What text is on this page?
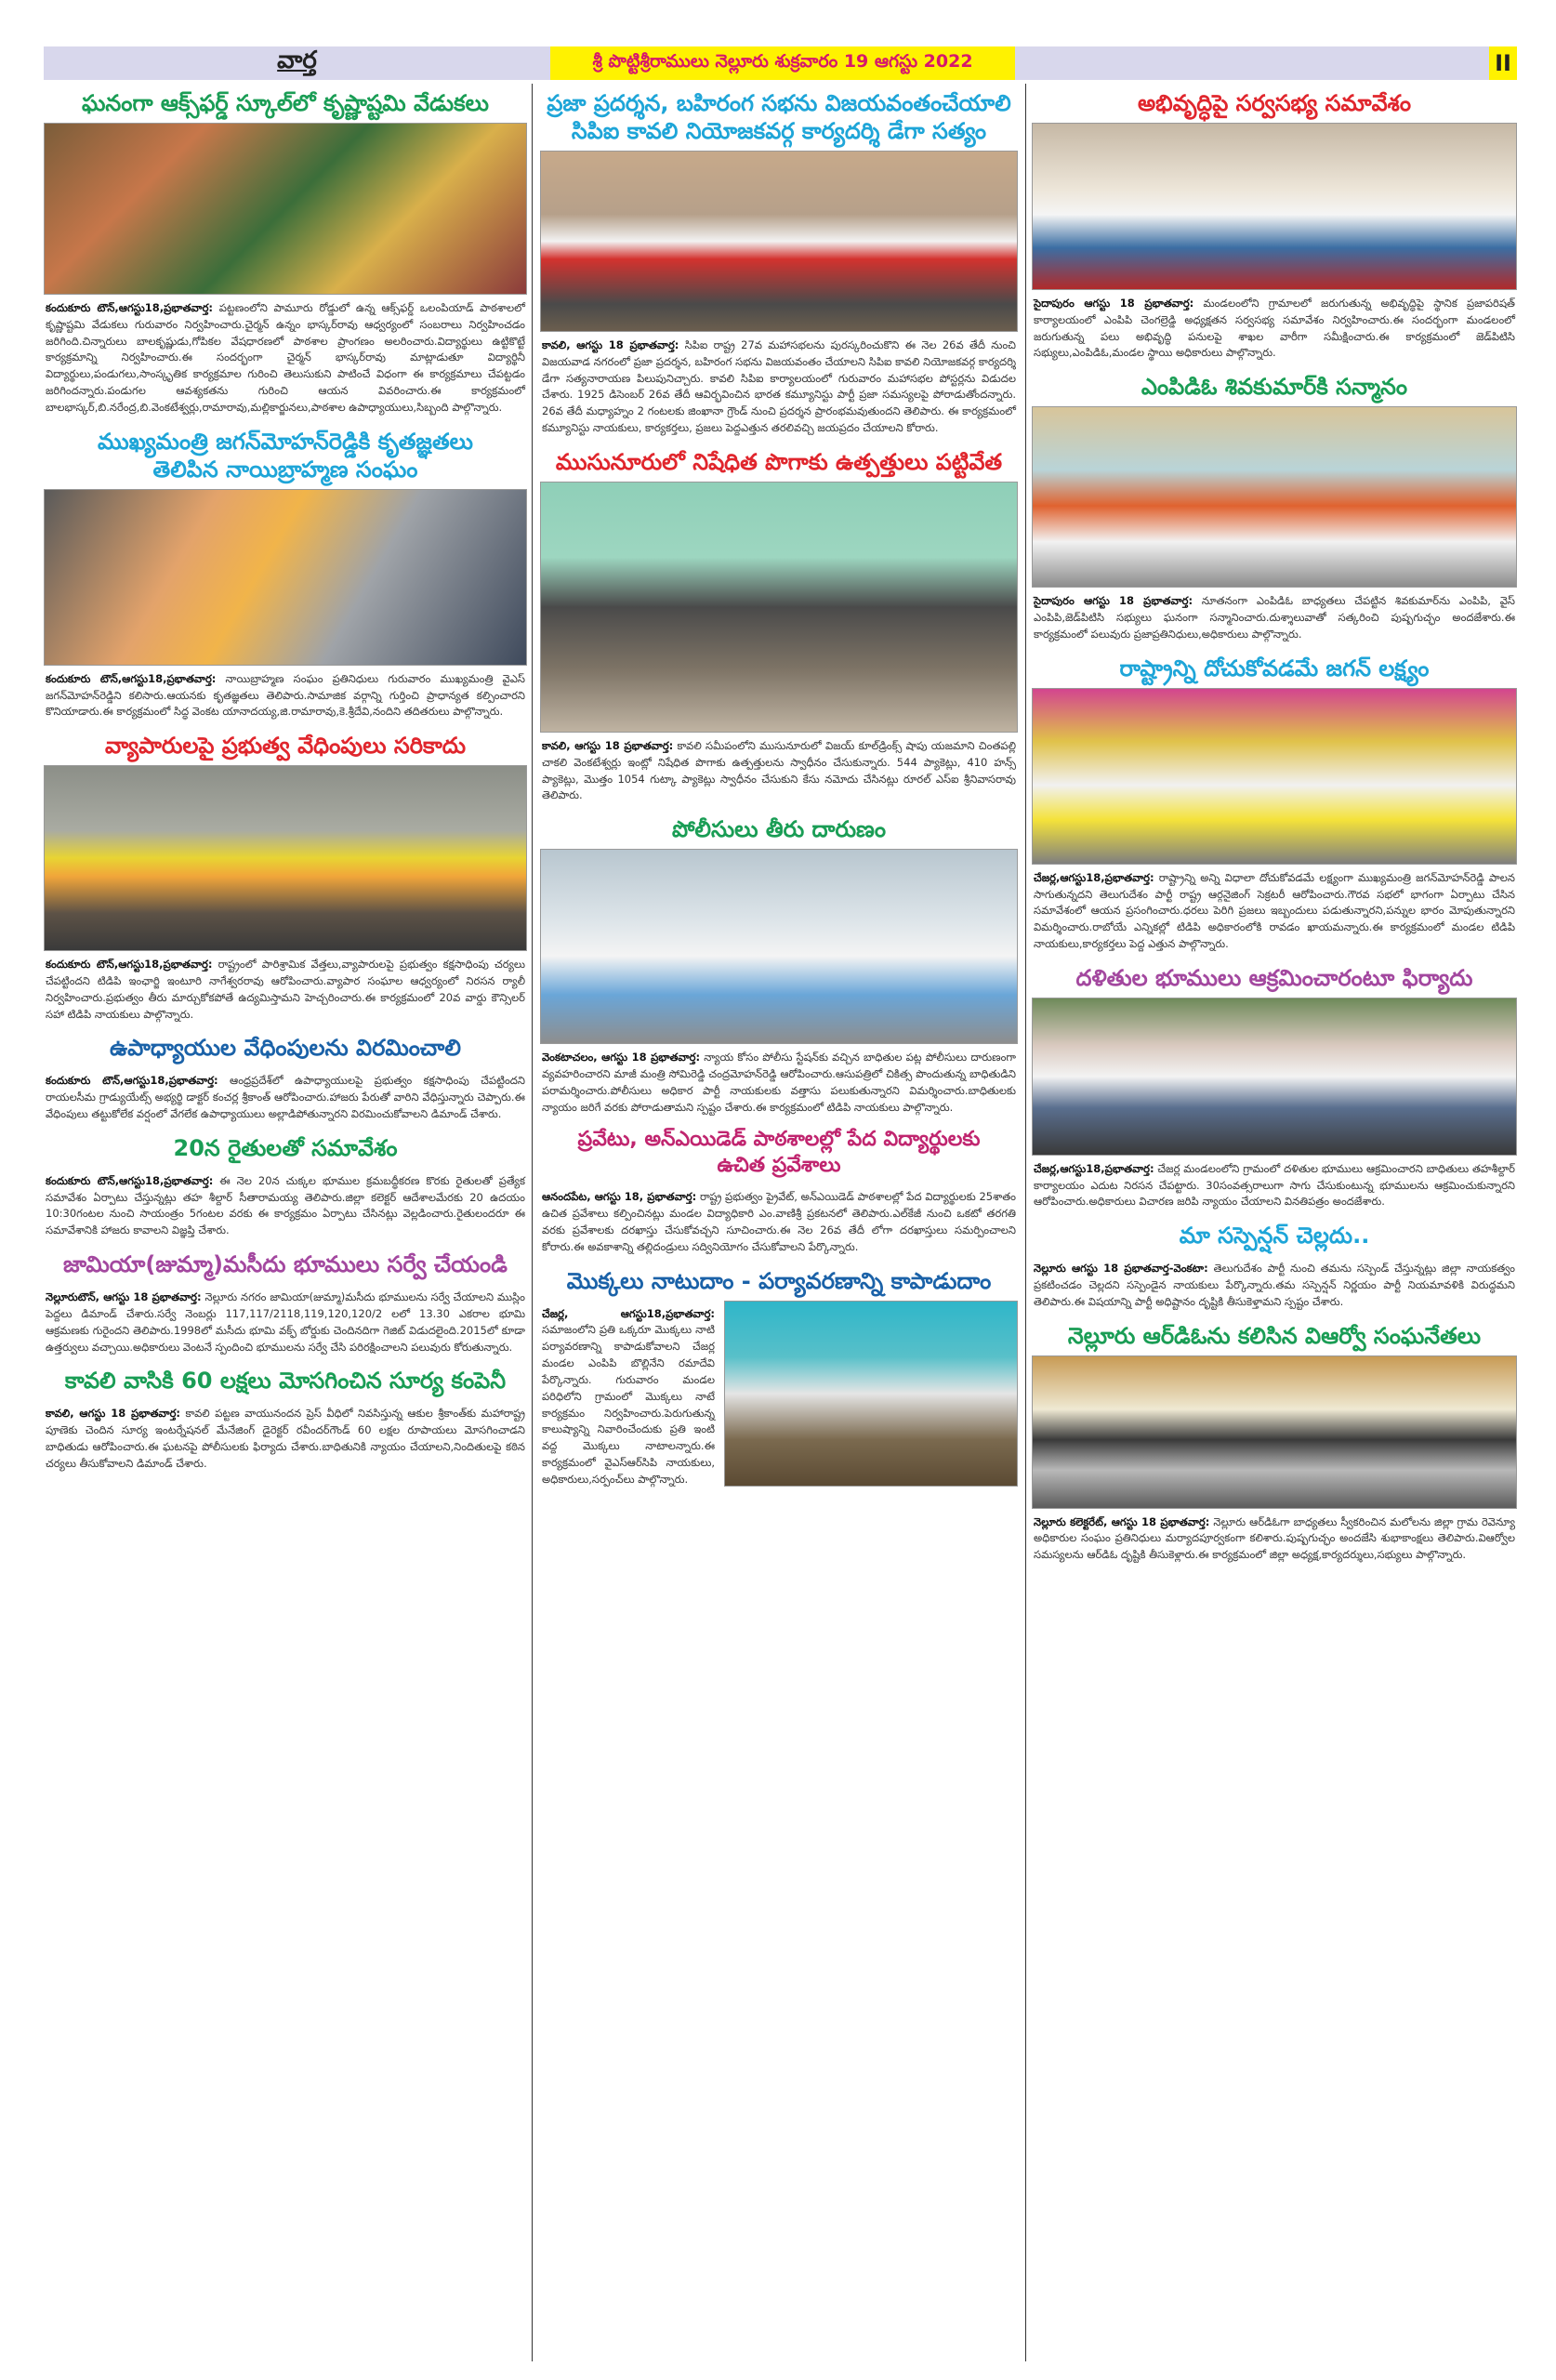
వార్త	శ్రీ పొట్టిశ్రీరాములు నెల్లూరు శుక్రవారం 19 ఆగస్టు 2022	II
ఘనంగా ఆక్స్‌ఫర్డ్ స్కూల్‌లో కృష్ణాష్టమి వేడుకలు

కందుకూరు టౌన్,ఆగస్టు18,ప్రభాతవార్త: పట్టణంలోని పామూరు రోడ్డులో ఉన్న ఆక్స్‌ఫర్డ్ ఒలంపియాడ్ పాఠశాలలో కృష్ణాష్టమి వేడుకలు గురువారం నిర్వహించారు.చైర్మన్ ఉన్నం భాస్కర్‌రావు ఆధ్వర్యంలో సంబరాలు నిర్వహించడం జరిగింది.చిన్నారులు బాలకృష్ణుడు,గోపికల వేషధారణలో పాఠశాల ప్రాంగణం అలరించారు.విద్యార్థులు ఉట్టికొట్టే కార్యక్రమాన్ని నిర్వహించారు.ఈ సందర్భంగా చైర్మన్ భాస్కర్‌రావు మాట్లాడుతూ విద్యార్థినీ విద్యార్థులు,పండుగలు,సాంస్కృతిక కార్యక్రమాల గురించి తెలుసుకుని పాటించే విధంగా ఈ కార్యక్రమాలు చేపట్టడం జరిగిందన్నారు.పండుగల ఆవశ్యకతను గురించి ఆయన వివరించారు.ఈ కార్యక్రమంలో బాలభాస్కర్,బి.నరేంద్ర,బి.వెంకటేశ్వర్లు,రామారావు,మల్లికార్జునలు,పాఠశాల ఉపాధ్యాయులు,సిబ్బంది పాల్గొన్నారు.

ముఖ్యమంత్రి జగన్‌మోహన్‌రెడ్డికి కృతజ్ఞతలు
తెలిపిన నాయిబ్రాహ్మణ సంఘం

కందుకూరు టౌన్,ఆగస్టు18,ప్రభాతవార్త: నాయిబ్రాహ్మణ సంఘం ప్రతినిధులు గురువారం ముఖ్యమంత్రి వైఎస్ జగన్‌మోహన్‌రెడ్డిని కలిసారు.ఆయనకు కృతజ్ఞతలు తెలిపారు.సామాజిక వర్గాన్ని గుర్తించి ప్రాధాన్యత కల్పించారని కొనియాడారు.ఈ కార్యక్రమంలో సిద్ధ వెంకట యానాదయ్య,జి.రామారావు,కె.శ్రీదేవి,నందిని తదితరులు పాల్గొన్నారు.

వ్యాపారులపై ప్రభుత్వ వేధింపులు సరికాదు

కందుకూరు టౌన్,ఆగస్టు18,ప్రభాతవార్త: రాష్ట్రంలో పారిశ్రామిక వేత్తలు,వ్యాపారులపై ప్రభుత్వం కక్షసాధింపు చర్యలు చేపట్టిందని టిడిపి ఇంఛార్జి ఇంటూరి నాగేశ్వరరావు ఆరోపించారు.వ్యాపార సంఘాల ఆధ్వర్యంలో నిరసన ర్యాలీ నిర్వహించారు.ప్రభుత్వం తీరు మార్చుకోకపోతే ఉద్యమిస్తామని హెచ్చరించారు.ఈ కార్యక్రమంలో 20వ వార్డు కౌన్సిలర్ సహా టిడిపి నాయకులు పాల్గొన్నారు.

ఉపాధ్యాయుల వేధింపులను విరమించాలి

కందుకూరు టౌన్,ఆగస్టు18,ప్రభాతవార్త: ఆంధ్రప్రదేశ్‌లో ఉపాధ్యాయులపై ప్రభుత్వం కక్షసాధింపు చేపట్టిందని రాయలసీమ గ్రాడ్యుయేట్స్ అభ్యర్థి డాక్టర్ కంచర్ల శ్రీకాంత్ ఆరోపించారు.హాజరు పేరుతో వారిని వేధిస్తున్నారు చెప్పారు.ఈ వేధింపులు తట్టుకోలేక వర్షంలో వేగలేక ఉపాధ్యాయులు అల్లాడిపోతున్నారని విరమించుకోవాలని డిమాండ్ చేశారు.

20న రైతులతో సమావేశం

కందుకూరు టౌన్,ఆగస్టు18,ప్రభాతవార్త: ఈ నెల 20న చుక్కల భూముల క్రమబద్ధీకరణ కొరకు రైతులతో ప్రత్యేక సమావేశం ఏర్పాటు చేస్తున్నట్లు తహ శీల్దార్ సీతారామయ్య తెలిపారు.జిల్లా కలెక్టర్ ఆదేశాలమేరకు 20 ఉదయం 10:30గంటల నుంచి సాయంత్రం 5గంటల వరకు ఈ కార్యక్రమం ఏర్పాటు చేసినట్లు వెల్లడించారు.రైతులందరూ ఈ సమావేశానికి హాజరు కావాలని విజ్ఞప్తి చేశారు.

జామియా(జుమ్మా)మసీదు భూములు సర్వే చేయండి

నెల్లూరుటౌన్, ఆగస్టు 18 ప్రభాతవార్త: నెల్లూరు నగరం జామియా(జుమ్మా)మసీదు భూములను సర్వే చేయాలని ముస్లిం పెద్దలు డిమాండ్ చేశారు.సర్వే నెంబర్లు 117,117/2118,119,120,120/2 లలో 13.30 ఎకరాల భూమి ఆక్రమణకు గురైందని తెలిపారు.1998లో మసీదు భూమి వక్ఫ్ బోర్డుకు చెందినదిగా గెజిట్ విడుదలైంది.2015లో కూడా ఉత్తర్వులు వచ్చాయి.అధికారులు వెంటనే స్పందించి భూములను సర్వే చేసి పరిరక్షించాలని పలువురు కోరుతున్నారు.

కావలి వాసికి 60 లక్షలు మోసగించిన సూర్య కంపెనీ

కావలి, ఆగస్టు 18 ప్రభాతవార్త: కావలి పట్టణ వాయునందన ప్రెస్ వీధిలో నివసిస్తున్న ఆకుల శ్రీకాంత్‌కు మహారాష్ట్ర పూణెకు చెందిన సూర్య ఇంటర్నేషనల్ మేనేజింగ్ డైరెక్టర్ రవీందర్‌గౌండ్ 60 లక్షల రూపాయలు మోసగించాడని బాధితుడు ఆరోపించారు.ఈ ఘటనపై పోలీసులకు ఫిర్యాదు చేశారు.బాధితునికి న్యాయం చేయాలని,నిందితులపై కఠిన చర్యలు తీసుకోవాలని డిమాండ్ చేశారు.

ప్రజా ప్రదర్శన, బహిరంగ సభను విజయవంతంచేయాలి
సిపిఐ కావలి నియోజకవర్గ కార్యదర్శి డేగా సత్యం

కావలి, ఆగస్టు 18 ప్రభాతవార్త: సిపిఐ రాష్ట్ర 27వ మహాసభలను పురస్కరించుకొని ఈ నెల 26వ తేదీ నుంచి విజయవాడ నగరంలో ప్రజా ప్రదర్శన, బహిరంగ సభను విజయవంతం చేయాలని సిపిఐ కావలి నియోజకవర్గ కార్యదర్శి డేగా సత్యనారాయణ పిలుపునిచ్చారు. కావలి సిపిఐ కార్యాలయంలో గురువారం మహాసభల పోస్టర్లను విడుదల చేశారు. 1925 డిసెంబర్ 26వ తేదీ ఆవిర్భవించిన భారత కమ్యూనిస్టు పార్టీ ప్రజా సమస్యలపై పోరాడుతోందన్నారు. 26వ తేదీ మధ్యాహ్నం 2 గంటలకు జింఖానా గ్రౌండ్ నుంచి ప్రదర్శన ప్రారంభమవుతుందని తెలిపారు. ఈ కార్యక్రమంలో కమ్యూనిస్టు నాయకులు, కార్యకర్తలు, ప్రజలు పెద్దఎత్తున తరలివచ్చి జయప్రదం చేయాలని కోరారు.

ముసునూరులో నిషేధిత పొగాకు ఉత్పత్తులు పట్టివేత

కావలి, ఆగస్టు 18 ప్రభాతవార్త: కావలి సమీపంలోని ముసునూరులో విజయ్ కూల్‌డ్రింక్స్ షాపు యజమాని చింతపల్లి చాకలి వెంకటేశ్వర్లు ఇంట్లో నిషేధిత పొగాకు ఉత్పత్తులను స్వాధీనం చేసుకున్నారు. 544 ప్యాకెట్లు, 410 హన్స్ ప్యాకెట్లు, మొత్తం 1054 గుట్కా ప్యాకెట్లు స్వాధీనం చేసుకుని కేసు నమోదు చేసినట్లు రూరల్ ఎస్ఐ శ్రీనివాసరావు తెలిపారు.

పోలీసులు తీరు దారుణం

వెంకటాచలం, ఆగస్టు 18 ప్రభాతవార్త: న్యాయ కోసం పోలీసు స్టేషన్‌కు వచ్చిన బాధితుల పట్ల పోలీసులు దారుణంగా వ్యవహరించారని మాజీ మంత్రి సోమిరెడ్డి చంద్రమోహన్‌రెడ్డి ఆరోపించారు.ఆసుపత్రిలో చికిత్స పొందుతున్న బాధితుడిని పరామర్శించారు.పోలీసులు అధికార పార్టీ నాయకులకు వత్తాసు పలుకుతున్నారని విమర్శించారు.బాధితులకు న్యాయం జరిగే వరకు పోరాడుతామని స్పష్టం చేశారు.ఈ కార్యక్రమంలో టిడిపి నాయకులు పాల్గొన్నారు.

ప్రవేటు, అన్‌ఎయిడెడ్ పాఠశాలల్లో పేద విద్యార్థులకు
ఉచిత ప్రవేశాలు

ఆనందపేట, ఆగస్టు 18, ప్రభాతవార్త: రాష్ట్ర ప్రభుత్వం ప్రైవేట్, అన్‌ఎయిడెడ్ పాఠశాలల్లో పేద విద్యార్థులకు 25శాతం ఉచిత ప్రవేశాలు కల్పించినట్లు మండల విద్యాధికారి ఎం.వాణిశ్రీ ప్రకటనలో తెలిపారు.ఎల్‌కేజీ నుంచి ఒకటో తరగతి వరకు ప్రవేశాలకు దరఖాస్తు చేసుకోవచ్చని సూచించారు.ఈ నెల 26వ తేదీ లోగా దరఖాస్తులు సమర్పించాలని కోరారు.ఈ అవకాశాన్ని తల్లిదండ్రులు సద్వినియోగం చేసుకోవాలని పేర్కొన్నారు.

మొక్కలు నాటుదాం - పర్యావరణాన్ని కాపాడుదాం

చేజర్ల, ఆగస్టు18,ప్రభాతవార్త: సమాజంలోని ప్రతి ఒక్కరూ మొక్కలు నాటి పర్యావరణాన్ని కాపాడుకోవాలని చేజర్ల మండల ఎంపిపి బొల్లినేని రమాదేవి పేర్కొన్నారు. గురువారం మండల పరిధిలోని గ్రామంలో మొక్కలు నాటే కార్యక్రమం నిర్వహించారు.పెరుగుతున్న కాలుష్యాన్ని నివారించేందుకు ప్రతి ఇంటి వద్ద మొక్కలు నాటాలన్నారు.ఈ కార్యక్రమంలో వైఎస్ఆర్‌సిపి నాయకులు, అధికారులు,సర్పంచ్‌లు పాల్గొన్నారు.

అభివృద్ధిపై సర్వసభ్య సమావేశం

సైదాపురం ఆగస్టు 18 ప్రభాతవార్త: మండలంలోని గ్రామాలలో జరుగుతున్న అభివృద్ధిపై స్థానిక ప్రజాపరిషత్ కార్యాలయంలో ఎంపిపి చెంగల్రెడ్డి అధ్యక్షతన సర్వసభ్య సమావేశం నిర్వహించారు.ఈ సందర్భంగా మండలంలో జరుగుతున్న పలు అభివృద్ధి పనులపై శాఖల వారీగా సమీక్షించారు.ఈ కార్యక్రమంలో జెడ్‌పిటిసి సభ్యులు,ఎంపిడిఓ,మండల స్థాయి అధికారులు పాల్గొన్నారు.

ఎంపిడిఓ శివకుమార్‌కి సన్మానం

సైదాపురం ఆగస్టు 18 ప్రభాతవార్త: నూతనంగా ఎంపిడిఓ బాధ్యతలు చేపట్టిన శివకుమార్‌ను ఎంపిపి, వైస్ ఎంపిపి,జెడ్‌పిటిసి సభ్యులు ఘనంగా సన్మానించారు.దుశ్శాలువాతో సత్కరించి పుష్పగుచ్ఛం అందజేశారు.ఈ కార్యక్రమంలో పలువురు ప్రజాప్రతినిధులు,అధికారులు పాల్గొన్నారు.

రాష్ట్రాన్ని దోచుకోవడమే జగన్ లక్ష్యం

చేజర్ల,ఆగస్టు18,ప్రభాతవార్త: రాష్ట్రాన్ని అన్ని విధాలా దోచుకోవడమే లక్ష్యంగా ముఖ్యమంత్రి జగన్‌మోహన్‌రెడ్డి పాలన సాగుతున్నదని తెలుగుదేశం పార్టీ రాష్ట్ర ఆర్గనైజింగ్ సెక్రటరీ ఆరోపించారు.గౌరవ సభలో భాగంగా ఏర్పాటు చేసిన సమావేశంలో ఆయన ప్రసంగించారు.ధరలు పెరిగి ప్రజలు ఇబ్బందులు పడుతున్నారని,పన్నుల భారం మోపుతున్నారని విమర్శించారు.రాబోయే ఎన్నికల్లో టిడిపి అధికారంలోకి రావడం ఖాయమన్నారు.ఈ కార్యక్రమంలో మండల టిడిపి నాయకులు,కార్యకర్తలు పెద్ద ఎత్తున పాల్గొన్నారు.

దళితుల భూములు ఆక్రమించారంటూ ఫిర్యాదు

చేజర్ల,ఆగస్టు18,ప్రభాతవార్త: చేజర్ల మండలంలోని గ్రామంలో దళితుల భూములు ఆక్రమించారని బాధితులు తహశీల్దార్ కార్యాలయం ఎదుట నిరసన చేపట్టారు. 30సంవత్సరాలుగా సాగు చేసుకుంటున్న భూములను ఆక్రమించుకున్నారని ఆరోపించారు.అధికారులు విచారణ జరిపి న్యాయం చేయాలని వినతిపత్రం అందజేశారు.

మా సస్పెన్షన్ చెల్లదు..

నెల్లూరు ఆగస్టు 18 ప్రభాతవార్త-వెంకటా: తెలుగుదేశం పార్టీ నుంచి తమను సస్పెండ్ చేస్తున్నట్లు జిల్లా నాయకత్వం ప్రకటించడం చెల్లదని సస్పెండైన నాయకులు పేర్కొన్నారు.తమ సస్పెన్షన్ నిర్ణయం పార్టీ నియమావళికి విరుద్ధమని తెలిపారు.ఈ విషయాన్ని పార్టీ అధిష్టానం దృష్టికి తీసుకెళ్తామని స్పష్టం చేశారు.

నెల్లూరు ఆర్‌డిఓను కలిసిన విఆర్వో సంఘనేతలు

నెల్లూరు కలెక్టరేట్, ఆగస్టు 18 ప్రభాతవార్త: నెల్లూరు ఆర్‌డిఓగా బాధ్యతలు స్వీకరించిన మలోలను జిల్లా గ్రామ రెవెన్యూ అధికారుల సంఘం ప్రతినిధులు మర్యాదపూర్వకంగా కలిశారు.పుష్పగుచ్ఛం అందజేసి శుభాకాంక్షలు తెలిపారు.విఆర్వోల సమస్యలను ఆర్‌డిఓ దృష్టికి తీసుకెళ్లారు.ఈ కార్యక్రమంలో జిల్లా అధ్యక్ష,కార్యదర్శులు,సభ్యులు పాల్గొన్నారు.
